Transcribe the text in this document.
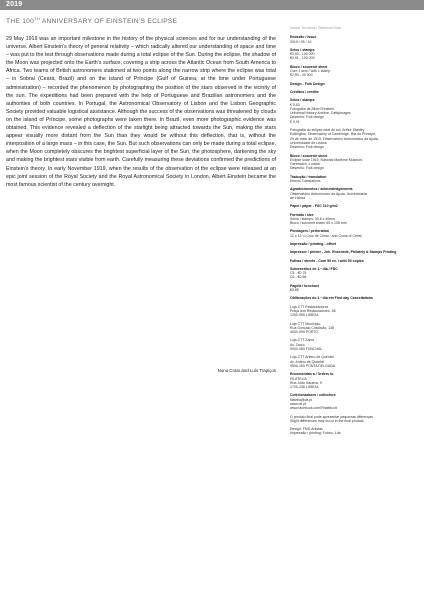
2019
THE 100TH ANNIVERSARY OF EINSTEIN'S ECLIPSE

29 May 1919 was an important milestone in the history of the physical sciences and for our understanding of the universe. Albert Einstein's theory of general relativity – which radically altered our understanding of space and time – was put to the test through observations made during a total eclipse of the Sun. During the eclipse, the shadow of the Moon was projected onto the Earth's surface, covering a strip across the Atlantic Ocean from South America to Africa. Two teams of British astronomers stationed at two points along the narrow strip where the eclipse was total – in Sobral (Ceará, Brazil) and on the island of Príncipe (Gulf of Guinea, at the time under Portuguese administration) – recorded the phenomenon by photographing the position of the stars observed in the vicinity of the sun. The expeditions had been prepared with the help of Portuguese and Brazilian astronomers and the authorities of both countries. In Portugal, the Astronomical Observatory of Lisbon and the Lisbon Geographic Society provided valuable logistical assistance. Although the success of the observations was threatened by clouds on the island of Príncipe, some photographs were taken there. In Brazil, even more photographic evidence was obtained. This evidence revealed a deflection of the starlight being attracted towards the Sun, making the stars appear visually more distant from the Sun than they would be without this deflection, that is, without the interposition of a large mass – in this case, the Sun. But such observations can only be made during a total eclipse, when the Moon completely obscures the brightest superficial layer of the Sun, the photosphere, darkening the sky and making the brightest stars visible from earth. Carefully measuring these deviations confirmed the predictions of Einstein's theory. In early November 1919, when the results of the observation of the eclipse were released at an epic joint session of the Royal Society and the Royal Astronomical Society in London, Albert Einstein became the most famous scientist of the century overnight.

Nuno Crato and Luís Trapiços
Dados Técnicos / Technical Data
Emissão / Issue
2019 / 05 / 16
Selos / stamps
€0,53 - 100 000
€0,91 - 100 000
Bloco / souvenir sheet
Com 1 selo / with 1 stamp
€2,50 - 40 000
Design - Folk Design
Créditos / credits
Selos / stamps
€ 0,53
Fotografia de Albert Einstein,
Universal History Archive, GettyImages
Desenho: Folk design
€ 0,91
Fotografia do eclipse total do sol, Arthur Stanley
Eddington, Observatory of Cambridge, Ilha do Príncipe,
29 de maio de 1919, Observatório Astronómico da Ajuda,
Universidade de Lisboa
Desenho: Folk design
Bloco / souvenir sheet
Eclipse solar 1919, National Maritime Museum,
Greenwich, London
Desenho: Folk design
Tradução / translation
Kennis Translations
Agradecimentos / acknowledgements
Observatório Astronómico da Ajuda, Universidade
de Lisboa
Papel / paper - FSC 110 g/m2
Formato / size
Selos / stamps: 30,6 x 40mm
Bloco / souvenir sheet: 65 x 105 mm
Picotagem / perforation
12 x 12 ¼ Cruz de Cristo / and Cross of Christ
Impressão / printing - offset
Impressor / printer - Joh. Enschedé, Philately & Stamps Printing
Folhas / sheets - Com 50 ex. / with 50 copies
Sobrescritos de 1.º dia / FDC
C5 - €0,75
C6 - €0,56
Pagela / brochure
€0,85
Obliterações do 1.º dia em First day Cancellations
Loja CTT Restauradores
Praça dos Restauradores, 58
1250-998 LISBOA
Loja CTT Município
Rua Gonçalo Cristóvão, 136
4000-999 PORTO
Loja CTT Zarco
Av. Zarco
9000-069 FUNCHAL
Loja CTT Antero de Quental
Av. Antero de Quental
9500-160 PONTA DELGADA
Encomendas a / Orders to
FILATELIA
Rua João Saraiva, 9
1700-248 LISBOA
Colecionadores / collectors
filatelia@ctt.pt
www.ctt.pt
www.facebook.com/Filatelicctt
O produto final pode apresentar pequenas diferenças.
Slight differences may occur in the final product.
Design: FMD Artistas
Impressão / printing: Futuro, Lda
